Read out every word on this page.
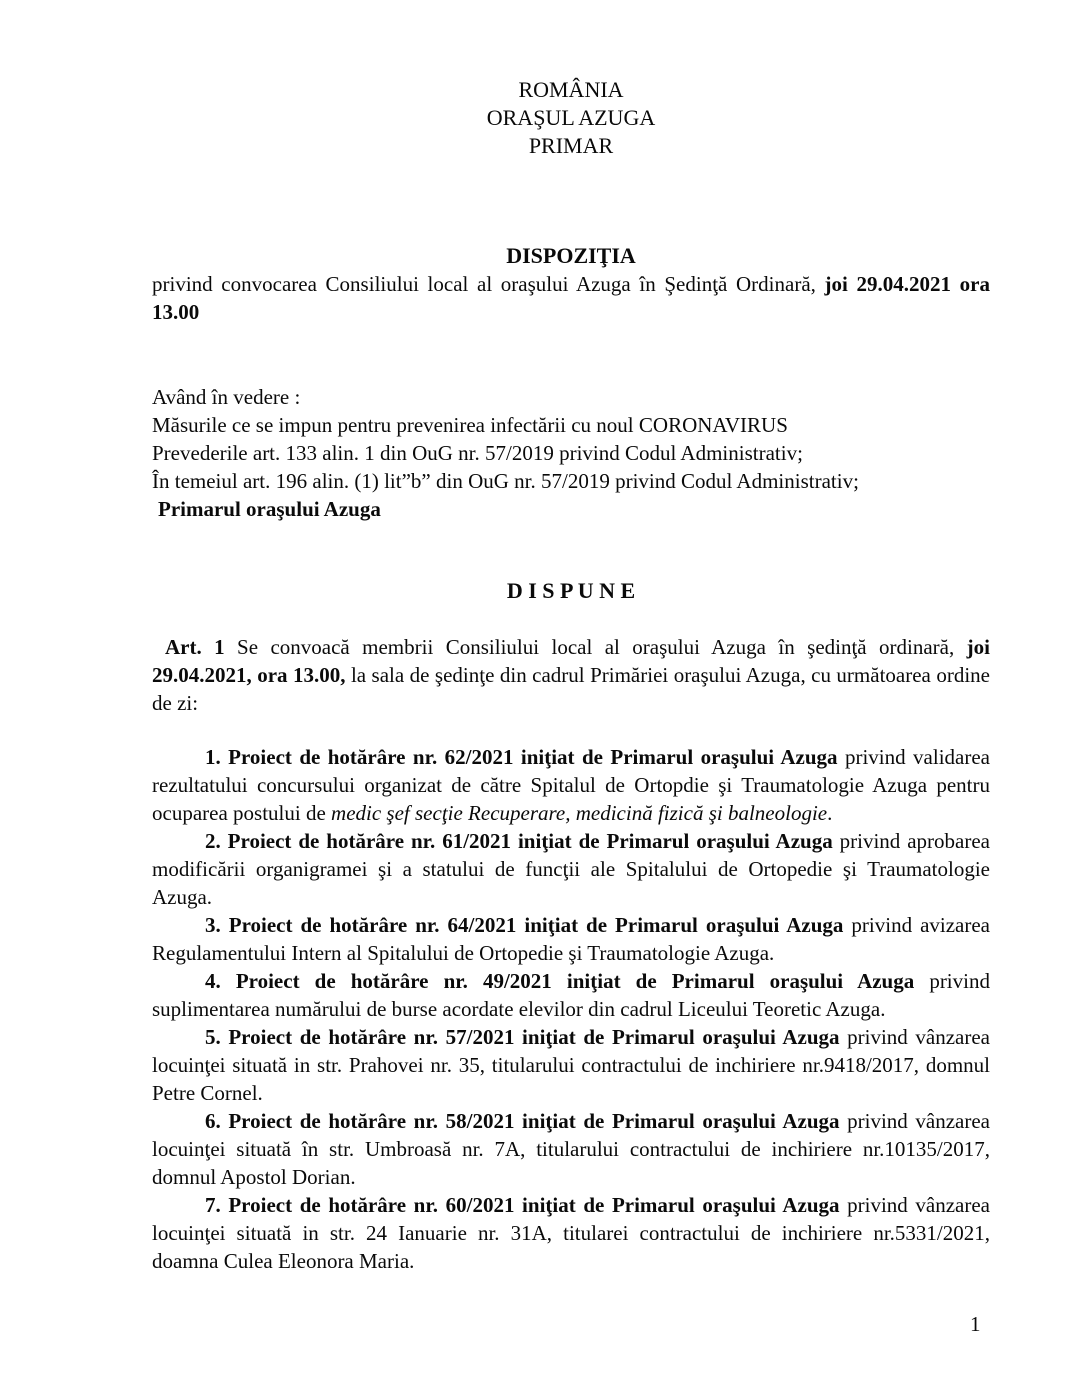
ROMÂNIA
ORAŞUL AZUGA
PRIMAR
DISPOZIŢIA

privind convocarea Consiliului local al oraşului Azuga în Şedinţă Ordinară, joi 29.04.2021 ora 13.00

Având în vedere :
Măsurile ce se impun pentru prevenirea infectării cu noul CORONAVIRUS
Prevederile art. 133 alin. 1 din OuG nr. 57/2019 privind Codul Administrativ;
În temeiul art. 196 alin. (1) lit”b” din OuG nr. 57/2019 privind Codul Administrativ;
Primarul oraşului Azuga
D I S P U N E

Art. 1 Se convoacă membrii Consiliului local al oraşului Azuga în şedinţă ordinară, joi 29.04.2021, ora 13.00, la sala de şedinţe din cadrul Primăriei oraşului Azuga, cu următoarea ordine de zi:

1. Proiect de hotărâre nr. 62/2021 iniţiat de Primarul oraşului Azuga privind validarea rezultatului concursului organizat de către Spitalul de Ortopdie şi Traumatologie Azuga pentru ocuparea postului de medic şef secţie Recuperare, medicină fizică şi balneologie.

2. Proiect de hotărâre nr. 61/2021 iniţiat de Primarul oraşului Azuga privind aprobarea modificării organigramei şi a statului de funcţii ale Spitalului de Ortopedie şi Traumatologie Azuga.

3. Proiect de hotărâre nr. 64/2021 iniţiat de Primarul oraşului Azuga privind avizarea Regulamentului Intern al Spitalului de Ortopedie şi Traumatologie Azuga.

4. Proiect de hotărâre nr. 49/2021 iniţiat de Primarul oraşului Azuga privind suplimentarea numărului de burse acordate elevilor din cadrul Liceului Teoretic Azuga.

5. Proiect de hotărâre nr. 57/2021 iniţiat de Primarul oraşului Azuga privind vânzarea locuinţei situată in str. Prahovei nr. 35, titularului contractului de inchiriere nr.9418/2017, domnul Petre Cornel.

6. Proiect de hotărâre nr. 58/2021 iniţiat de Primarul oraşului Azuga privind vânzarea locuinţei situată în str. Umbroasă nr. 7A, titularului contractului de inchiriere nr.10135/2017, domnul Apostol Dorian.

7. Proiect de hotărâre nr. 60/2021 iniţiat de Primarul oraşului Azuga privind vânzarea locuinţei situată in str. 24 Ianuarie nr. 31A, titularei contractului de inchiriere nr.5331/2021, doamna Culea Eleonora Maria.

1
